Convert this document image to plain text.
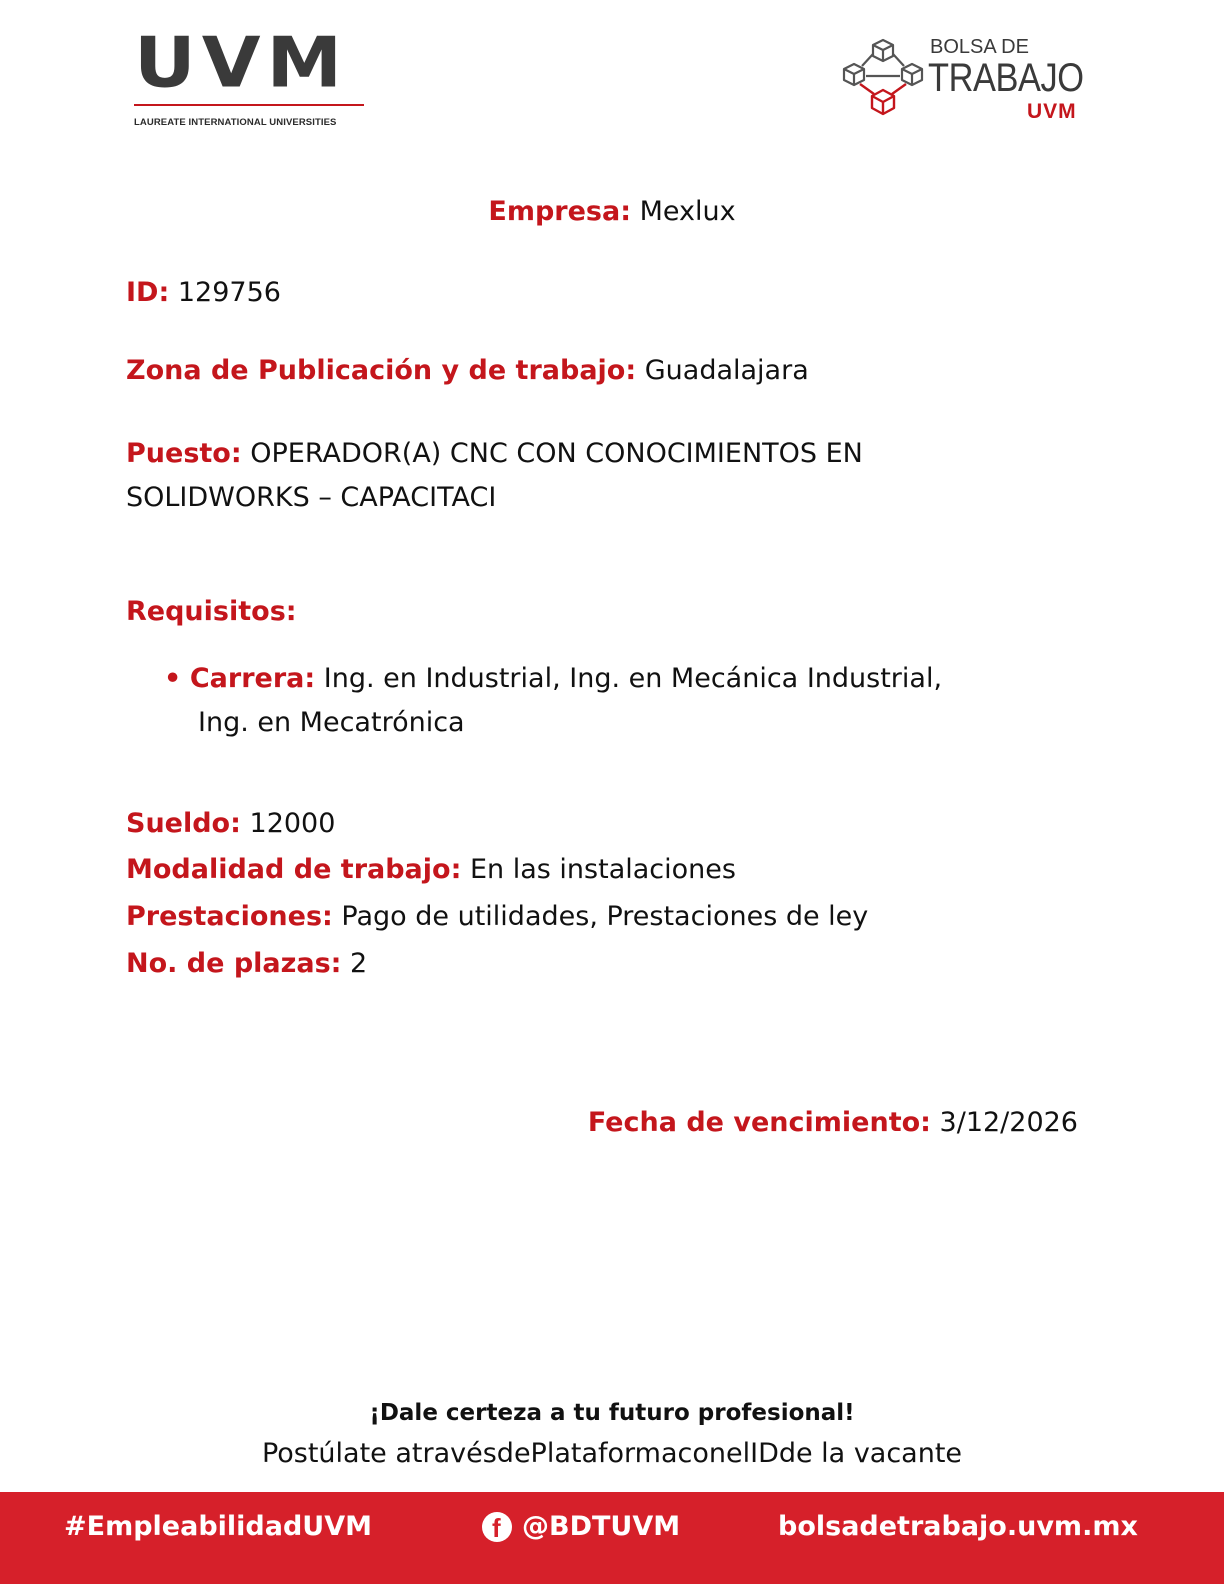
UVM
LAUREATE INTERNATIONAL UNIVERSITIES
BOLSA DE
TRABAJO
UVM
Empresa: Mexlux
ID: 129756
Zona de Publicación y de trabajo: Guadalajara
Puesto: OPERADOR(A) CNC CON CONOCIMIENTOS EN
SOLIDWORKS – CAPACITACI
Requisitos:
• Carrera: Ing. en Industrial, Ing. en Mecánica Industrial,
Ing. en Mecatrónica
Sueldo: 12000
Modalidad de trabajo: En las instalaciones
Prestaciones: Pago de utilidades, Prestaciones de ley
No. de plazas: 2
Fecha de vencimiento: 3/12/2026
¡Dale certeza a tu futuro profesional!
Postúlate atravésdePlataformaconelIDde la vacante
#EmpleabilidadUVM	f @BDTUVM	bolsadetrabajo.uvm.mx
